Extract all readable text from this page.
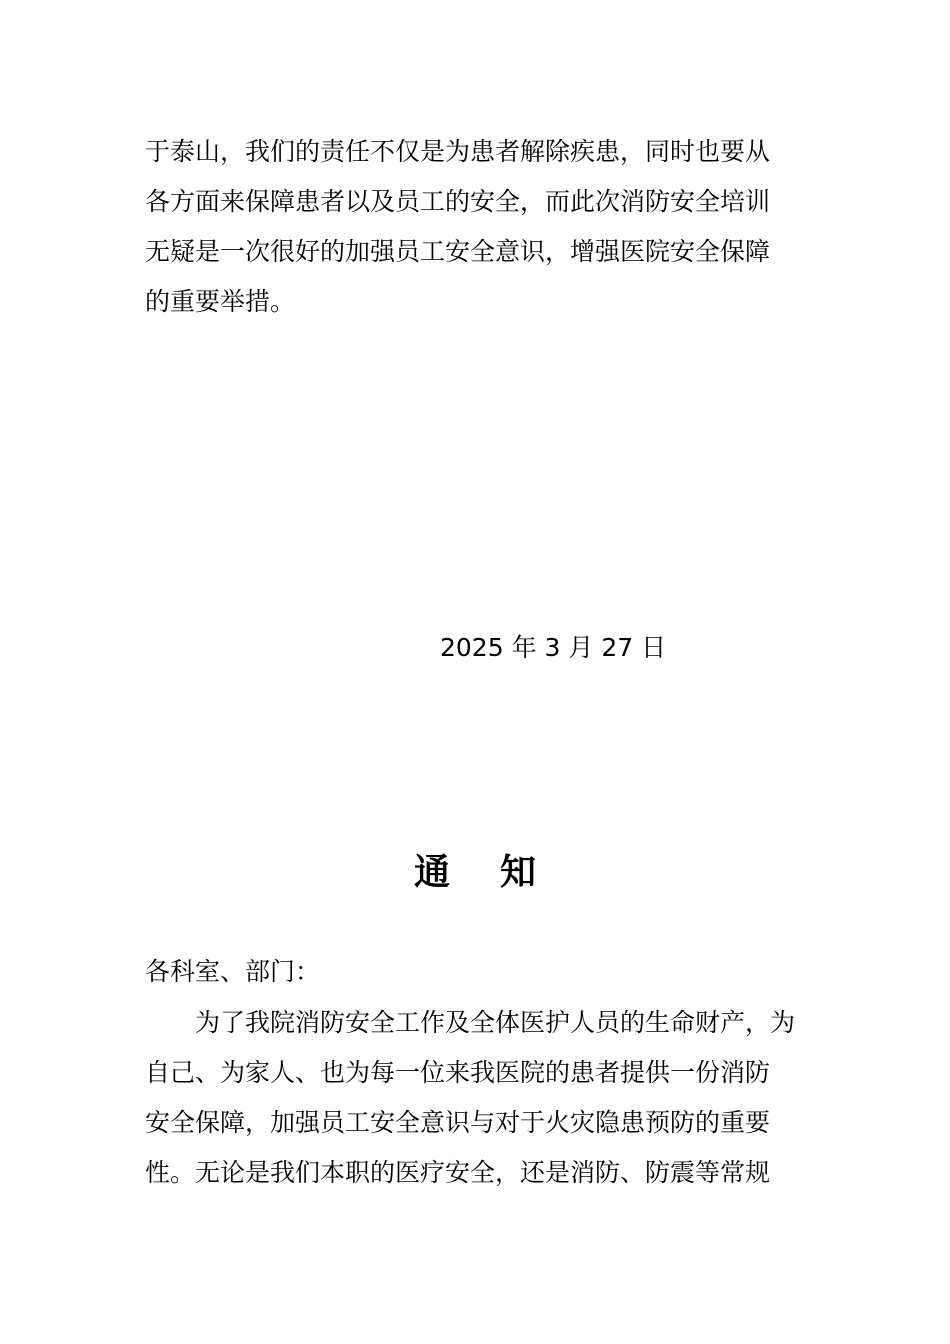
于泰山，我们的责任不仅是为患者解除疾患，同时也要从
各方面来保障患者以及员工的安全，而此次消防安全培训
无疑是一次很好的加强员工安全意识，增强医院安全保障
的重要举措。

2025 年 3 月 27 日

通知

各科室、部门：

　　为了我院消防安全工作及全体医护人员的生命财产，为
自己、为家人、也为每一位来我医院的患者提供一份消防
安全保障，加强员工安全意识与对于火灾隐患预防的重要
性。无论是我们本职的医疗安全，还是消防、防震等常规
